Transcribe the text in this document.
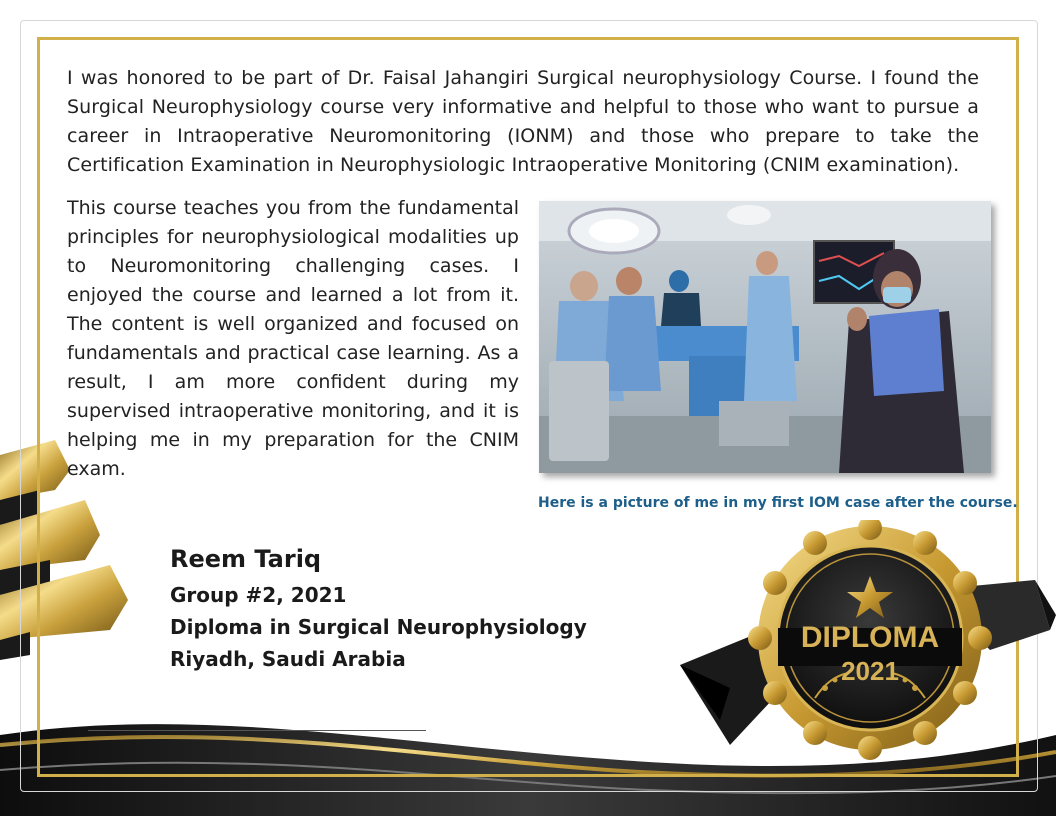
I was honored to be part of Dr. Faisal Jahangiri Surgical neurophysiology Course. I found the Surgical Neurophysiology course very informative and helpful to those who want to pursue a career in Intraoperative Neuromonitoring (IONM) and those who prepare to take the Certification Examination in Neurophysiologic Intraoperative Monitoring (CNIM examination).

This course teaches you from the fundamental principles for neurophysiological modalities up to Neuromonitoring challenging cases. I enjoyed the course and learned a lot from it. The content is well organized and focused on fundamentals and practical case learning. As a result, I am more confident during my supervised intraoperative monitoring, and it is helping me in my preparation for the CNIM exam.

Here is a picture of me in my first IOM case after the course.
Reem Tariq
Group #2, 2021
Diploma in Surgical Neurophysiology
Riyadh, Saudi Arabia
DIPLOMA
2021
